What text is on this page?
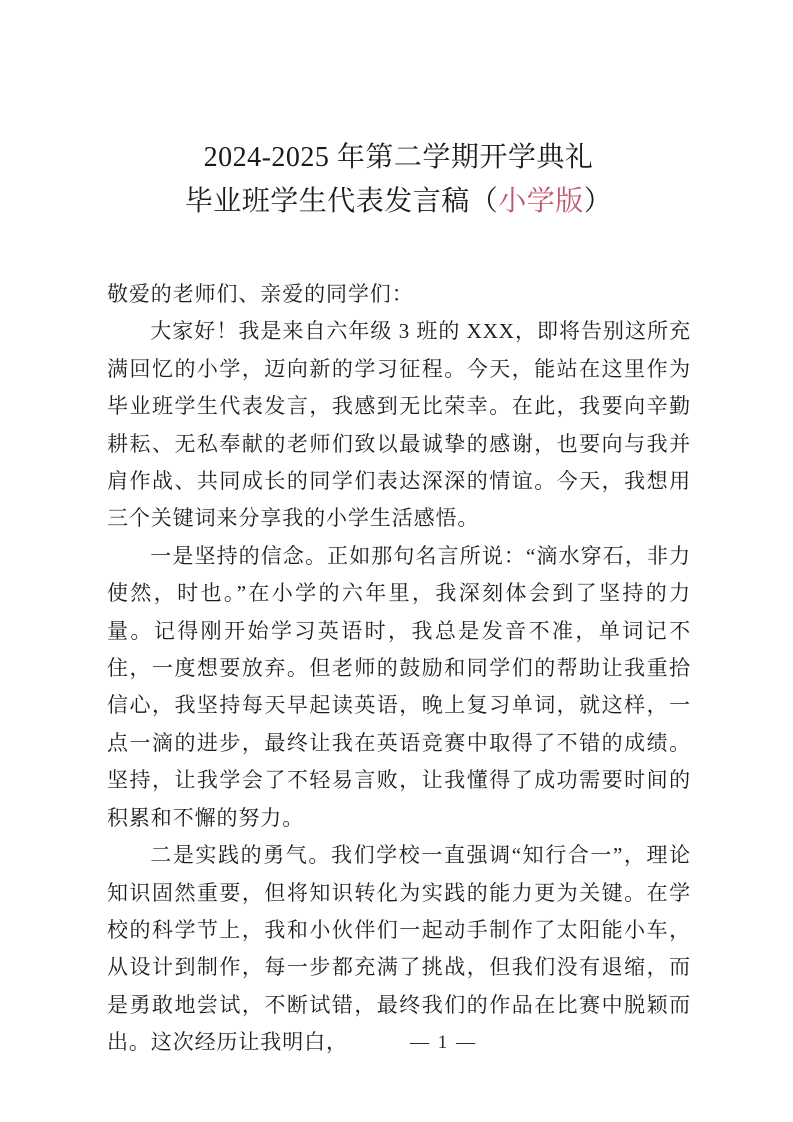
2024-2025 年第二学期开学典礼
毕业班学生代表发言稿（小学版）

敬爱的老师们、亲爱的同学们：

大家好！我是来自六年级 3 班的 XXX，即将告别这所充满回忆的小学，迈向新的学习征程。今天，能站在这里作为毕业班学生代表发言，我感到无比荣幸。在此，我要向辛勤耕耘、无私奉献的老师们致以最诚挚的感谢，也要向与我并肩作战、共同成长的同学们表达深深的情谊。今天，我想用三个关键词来分享我的小学生活感悟。

一是坚持的信念。正如那句名言所说：“滴水穿石，非力使然，时也。”在小学的六年里，我深刻体会到了坚持的力量。记得刚开始学习英语时，我总是发音不准，单词记不住，一度想要放弃。但老师的鼓励和同学们的帮助让我重拾信心，我坚持每天早起读英语，晚上复习单词，就这样，一点一滴的进步，最终让我在英语竞赛中取得了不错的成绩。坚持，让我学会了不轻易言败，让我懂得了成功需要时间的积累和不懈的努力。

二是实践的勇气。我们学校一直强调“知行合一”，理论知识固然重要，但将知识转化为实践的能力更为关键。在学校的科学节上，我和小伙伴们一起动手制作了太阳能小车，从设计到制作，每一步都充满了挑战，但我们没有退缩，而是勇敢地尝试，不断试错，最终我们的作品在比赛中脱颖而出。这次经历让我明白，	— 1 —
